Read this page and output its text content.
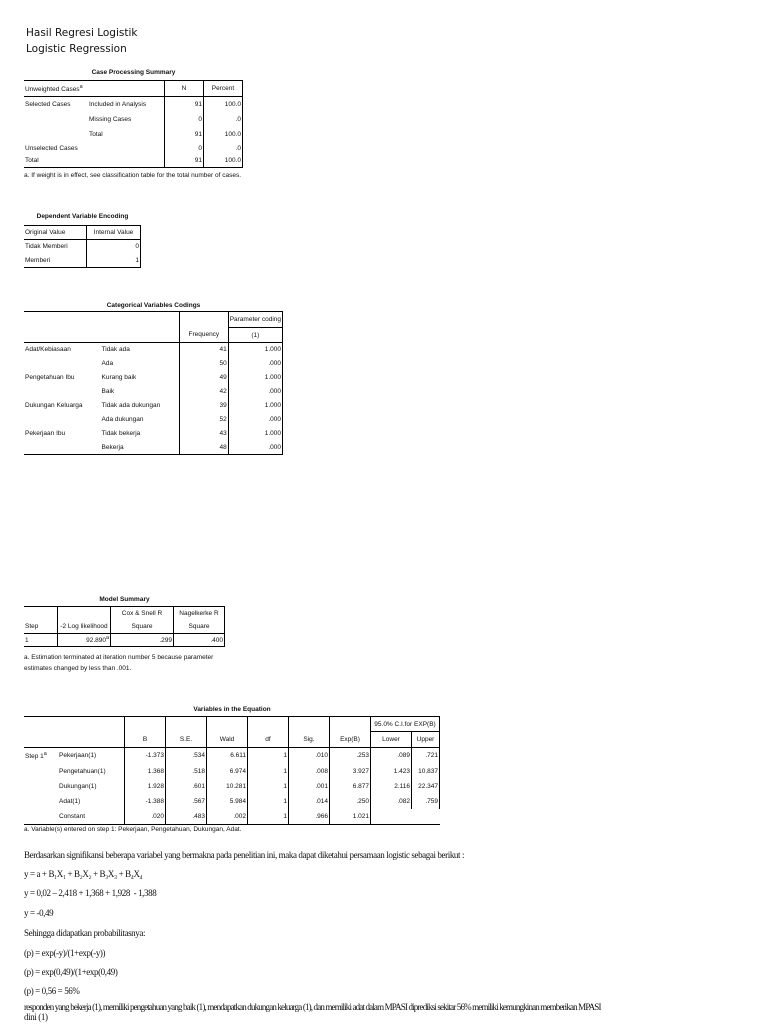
Hasil Regresi Logistik
Logistic Regression
Case Processing Summary
Unweighted Cases$^a$		N	Percent
Selected Cases	Included in Analysis	91	100.0
	Missing Cases	0	.0
	Total	91	100.0
Unselected Cases		0	.0
Total		91	100.0
a. If weight is in effect, see classification table for the total number of cases.
Dependent Variable Encoding
Original Value	Internal Value
Tidak Memberi	0
Memberi	1
Categorical Variables Codings
			Parameter coding
		Frequency	(1)
Adat/Kebiasaan	Tidak ada	41	1.000
	Ada	50	.000
Pengetahuan Ibu	Kurang baik	49	1.000
	Baik	42	.000
Dukungan Keluarga	Tidak ada dukungan	39	1.000
	Ada dukungan	52	.000
Pekerjaan Ibu	Tidak bekerja	43	1.000
	Bekerja	48	.000
Model Summary
		Cox & Snell R	Nagelkerke R
Step	-2 Log likelihood	Square	Square
1	92.890$^a$	.299	.400
a. Estimation terminated at iteration number 5 because parameter
estimates changed by less than .001.
Variables in the Equation
								95.0% C.I.for EXP(B)	
		B	S.E.	Wald	df	Sig.	Exp(B)	Lower	Upper
Step 1$^a$	Pekerjaan(1)	-1.373	.534	6.611	1	.010	.253	.089	.721
	Pengetahuan(1)	1.368	.518	6.974	1	.008	3.927	1.423	10.837
	Dukungan(1)	1.928	.601	10.281	1	.001	6.877	2.116	22.347
	Adat(1)	-1.388	.567	5.984	1	.014	.250	.082	.759
	Constant	.020	.483	.002	1	.966	1.021		
a. Variable(s) entered on step 1: Pekerjaan, Pengetahuan, Dukungan, Adat.
Berdasarkan signifikansi beberapa variabel yang bermakna pada penelitian ini, maka dapat diketahui persamaan logistic sebagai berikut :
y = a + B₁X₁ + B₂X₂ + B₃X₃ + B₄X₄
y = 0,02 – 2,418 + 1,368 + 1,928  - 1,388
y = -0,49
Sehingga didapatkan probabilitasnya:
(p) = exp(-y)/(1+exp(-y))
(p) = exp(0,49)/(1+exp(0,49)
(p) = 0,56 = 56%
responden yang bekerja (1), memiliki pengetahuan yang baik (1), mendapatkan dukungan keluarga (1), dan memiliki adat dalam MPASI diprediksi sekitar 56% memiliki kemungkinan memberikan MPASI
dini (1)
